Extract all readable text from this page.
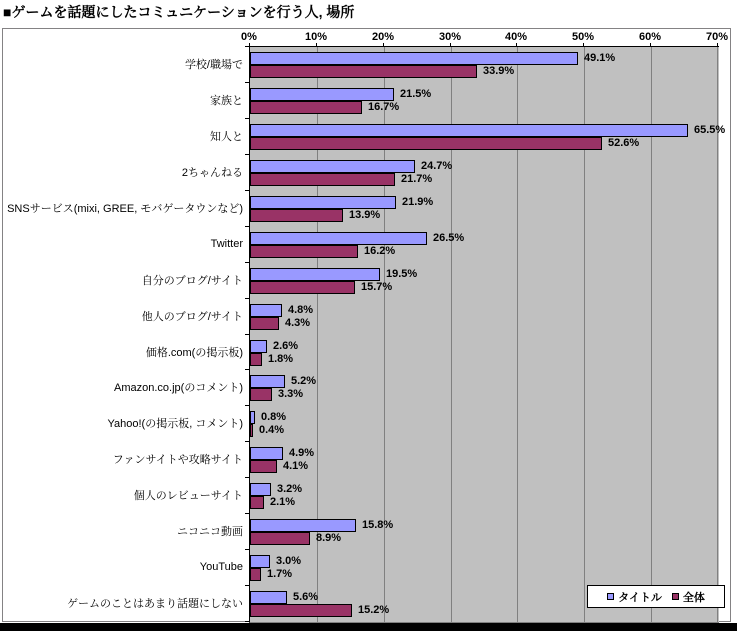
■ゲームを話題にしたコミュニケーションを行う人, 場所
0%	10%	20%	30%	40%	50%	60%	70%
学校/職場で
家族と
知人と
2ちゃんねる
SNSサービス(mixi, GREE, モバゲータウンなど)
Twitter
自分のブログ/サイト
他人のブログ/サイト
価格.com(の掲示板)
Amazon.co.jp(のコメント)
Yahoo!(の掲示板, コメント)
ファンサイトや攻略サイト
個人のレビューサイト
ニコニコ動画
YouTube
ゲームのことはあまり話題にしない
49.1%
33.9%
21.5%
16.7%
65.5%
52.6%
24.7%
21.7%
21.9%
13.9%
26.5%
16.2%
19.5%
15.7%
4.8%
4.3%
2.6%
1.8%
5.2%
3.3%
0.8%
0.4%
4.9%
4.1%
3.2%
2.1%
15.8%
8.9%
3.0%
1.7%
5.6%
15.2%
タイトル 全体
